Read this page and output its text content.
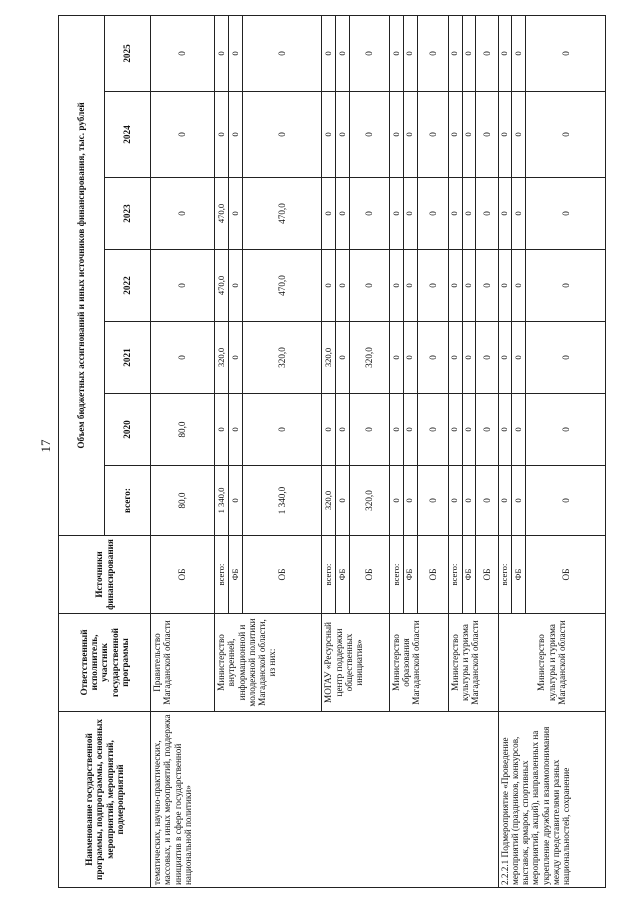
17
Наименование государственной программы, подпрограммы, основных мероприятий, мероприятий, подмероприятий	Ответственный исполнитель, участник государственной программы	Источники финансирования	Объем бюджетных ассигнований и иных источников финансирования, тыс. рублей						
			всего:	2020	2021	2022	2023	2024	2025
тематических, научно-практических, массовых, и иных мероприятий, поддержка инициатив в сфере государственной национальной политики»	Правительство Магаданской области	ОБ	80,0	80,0	0	0	0	0	0
	Министерство внутренней, информационной и молодежной политики Магаданской области, из них:	всего:	1 340,0	0	320,0	470,0	470,0	0	0
		ФБ	0	0	0	0	0	0	0
		ОБ	1 340,0	0	320,0	470,0	470,0	0	0
	МОГАУ «Ресурсный центр поддержки общественных инициатив»	всего:	320,0	0	320,0	0	0	0	0
		ФБ	0	0	0	0	0	0	0
		ОБ	320,0	0	320,0	0	0	0	0
	Министерство образования Магаданской области	всего:	0	0	0	0	0	0	0
		ФБ	0	0	0	0	0	0	0
		ОБ	0	0	0	0	0	0	0
	Министерство культуры и туризма Магаданской области	всего:	0	0	0	0	0	0	0
		ФБ	0	0	0	0	0	0	0
		ОБ	0	0	0	0	0	0	0
2.2.2.1 Подмероприятие «Проведение мероприятий (праздников, конкурсов, выставок, ярмарок, спортивных мероприятий, акций), направленных на укрепление дружбы и взаимопонимания между представителями разных национальностей, сохранение	Министерство культуры и туризма Магаданской области	всего:	0	0	0	0	0	0	0
		ФБ	0	0	0	0	0	0	0
		ОБ	0	0	0	0	0	0	0
